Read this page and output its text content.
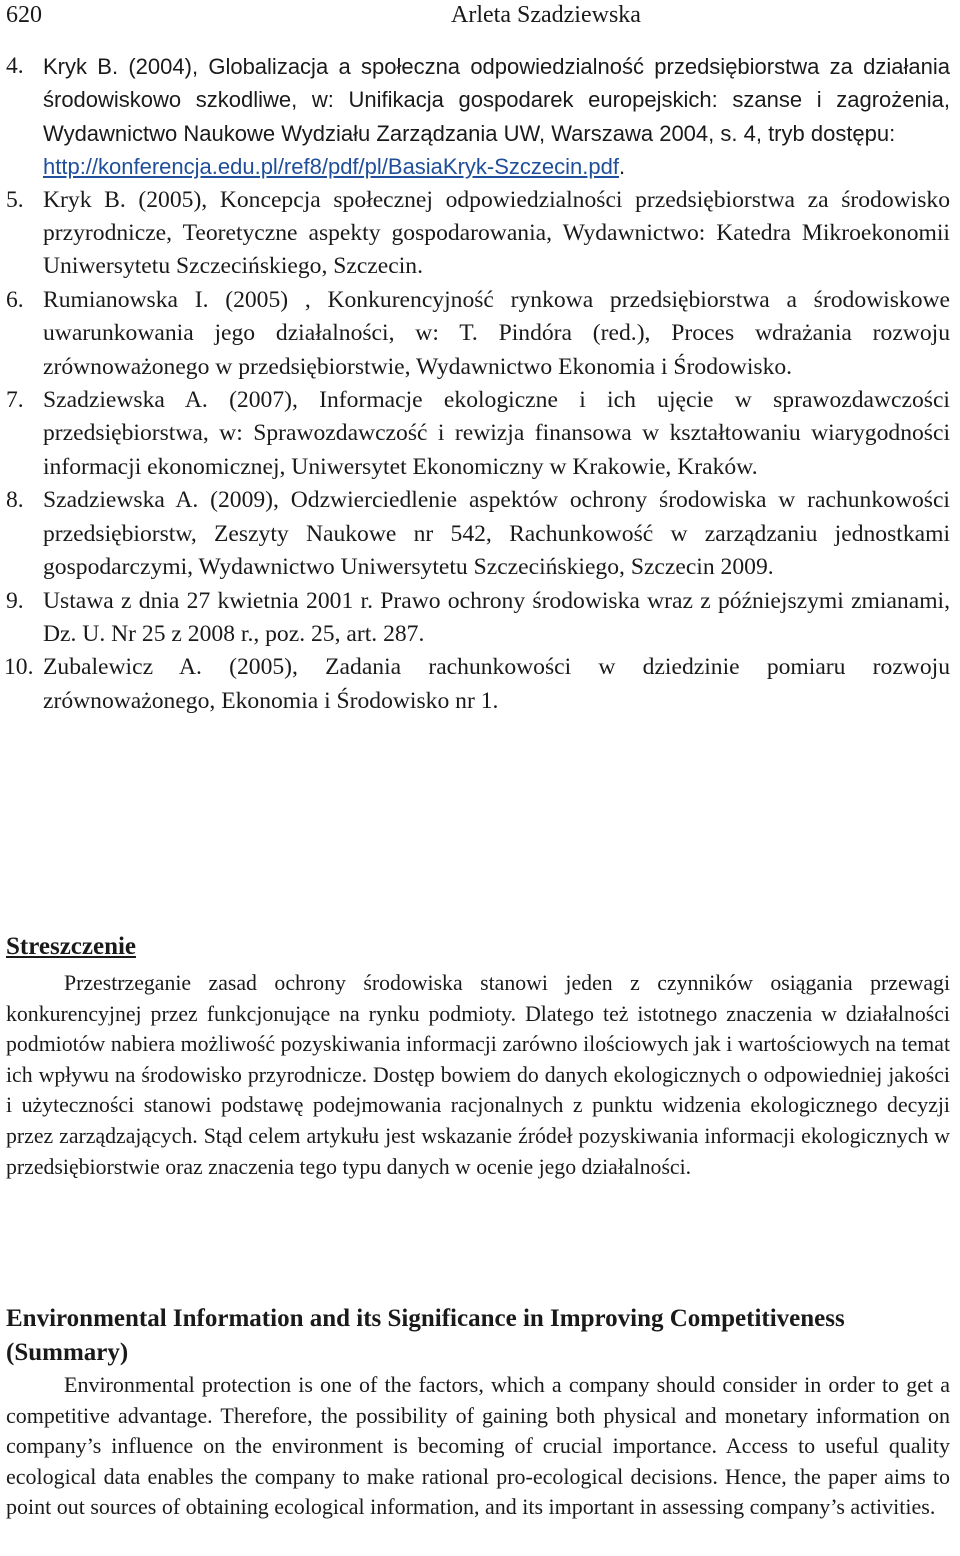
620	Arleta Szadziewska
4. Kryk B. (2004), Globalizacja a społeczna odpowiedzialność przedsiębiorstwa za działania środowiskowo szkodliwe, w: Unifikacja gospodarek europejskich: szanse i zagrożenia, Wydawnictwo Naukowe Wydziału Zarządzania UW, Warszawa 2004, s. 4, tryb dostępu:
http://konferencja.edu.pl/ref8/pdf/pl/BasiaKryk-Szczecin.pdf.
5. Kryk B. (2005), Koncepcja społecznej odpowiedzialności przedsiębiorstwa za środowisko przyrodnicze, Teoretyczne aspekty gospodarowania, Wydawnictwo: Katedra Mikroekonomii Uniwersytetu Szczecińskiego, Szczecin.
6. Rumianowska I. (2005) , Konkurencyjność rynkowa przedsiębiorstwa a środowiskowe uwarunkowania jego działalności, w: T. Pindóra (red.), Proces wdrażania rozwoju zrównoważonego w przedsiębiorstwie, Wydawnictwo Ekonomia i Środowisko.
7. Szadziewska A. (2007), Informacje ekologiczne i ich ujęcie w sprawozdawczości przedsiębiorstwa, w: Sprawozdawczość i rewizja finansowa w kształtowaniu wiarygodności informacji ekonomicznej, Uniwersytet Ekonomiczny w Krakowie, Kraków.
8. Szadziewska A. (2009), Odzwierciedlenie aspektów ochrony środowiska w rachunkowości przedsiębiorstw, Zeszyty Naukowe nr 542, Rachunkowość w zarządzaniu jednostkami gospodarczymi, Wydawnictwo Uniwersytetu Szczecińskiego, Szczecin 2009.
9. Ustawa z dnia 27 kwietnia 2001 r. Prawo ochrony środowiska wraz z późniejszymi zmianami, Dz. U. Nr 25 z 2008 r., poz. 25, art. 287.
10. Zubalewicz A. (2005), Zadania rachunkowości w dziedzinie pomiaru rozwoju zrównoważonego, Ekonomia i Środowisko nr 1.
Streszczenie

Przestrzeganie zasad ochrony środowiska stanowi jeden z czynników osiągania przewagi konkurencyjnej przez funkcjonujące na rynku podmioty. Dlatego też istotnego znaczenia w działalności podmiotów nabiera możliwość pozyskiwania informacji zarówno ilościowych jak i wartościowych na temat ich wpływu na środowisko przyrodnicze. Dostęp bowiem do danych ekologicznych o odpowiedniej jakości i użyteczności stanowi podstawę podejmowania racjonalnych z punktu widzenia ekologicznego decyzji przez zarządzających. Stąd celem artykułu jest wskazanie źródeł pozyskiwania informacji ekologicznych w przedsiębiorstwie oraz znaczenia tego typu danych w ocenie jego działalności.

Environmental Information and its Significance in Improving Competitiveness (Summary)

Environmental protection is one of the factors, which a company should consider in order to get a competitive advantage. Therefore, the possibility of gaining both physical and monetary information on company’s influence on the environment is becoming of crucial importance. Access to useful quality ecological data enables the company to make rational pro-ecological decisions. Hence, the paper aims to point out sources of obtaining ecological information, and its important in assessing company’s activities.
